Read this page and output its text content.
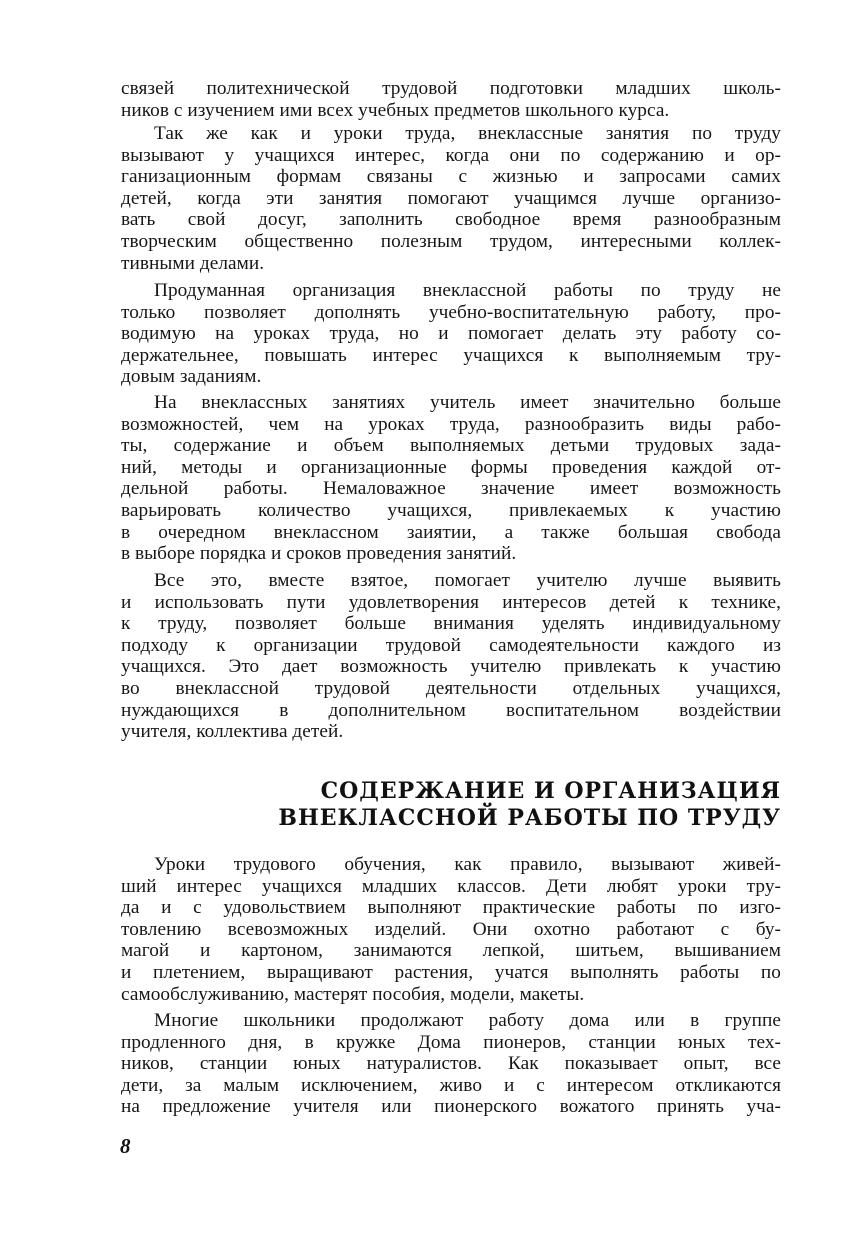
связей политехнической трудовой подготовки младших школь-
ников с изучением ими всех учебных предметов школьного курса.
Так же как и уроки труда, внеклассные занятия по труду
вызывают у учащихся интерес, когда они по содержанию и ор-
ганизационным формам связаны с жизнью и запросами самих
детей, когда эти занятия помогают учащимся лучше организо-
вать свой досуг, заполнить свободное время разнообразным
творческим общественно полезным трудом, интересными коллек-
тивными делами.
Продуманная организация внеклассной работы по труду не
только позволяет дополнять учебно-воспитательную работу, про-
водимую на уроках труда, но и помогает делать эту работу со-
держательнее, повышать интерес учащихся к выполняемым тру-
довым заданиям.
На внеклассных занятиях учитель имеет значительно больше
возможностей, чем на уроках труда, разнообразить виды рабо-
ты, содержание и объем выполняемых детьми трудовых зада-
ний, методы и организационные формы проведения каждой от-
дельной работы. Немаловажное значение имеет возможность
варьировать количество учащихся, привлекаемых к участию
в очередном внеклассном заиятии, а также большая свобода
в выборе порядка и сроков проведения занятий.
Все это, вместе взятое, помогает учителю лучше выявить
и использовать пути удовлетворения интересов детей к технике,
к труду, позволяет больше внимания уделять индивидуальному
подходу к организации трудовой самодеятельности каждого из
учащихся. Это дает возможность учителю привлекать к участию
во внеклассной трудовой деятельности отдельных учащихся,
нуждающихся в дополнительном воспитательном воздействии
учителя, коллектива детей.
СОДЕРЖАНИЕ И ОРГАНИЗАЦИЯ
ВНЕКЛАССНОЙ РАБОТЫ ПО ТРУДУ
Уроки трудового обучения, как правило, вызывают живей-
ший интерес учащихся младших классов. Дети любят уроки тру-
да и с удовольствием выполняют практические работы по изго-
товлению всевозможных изделий. Они охотно работают с бу-
магой и картоном, занимаются лепкой, шитьем, вышиванием
и плетением, выращивают растения, учатся выполнять работы по
самообслуживанию, мастерят пособия, модели, макеты.
Многие школьники продолжают работу дома или в группе
продленного дня, в кружке Дома пионеров, станции юных тех-
ников, станции юных натуралистов. Как показывает опыт, все
дети, за малым исключением, живо и с интересом откликаются
на предложение учителя или пионерского вожатого принять уча-
8
